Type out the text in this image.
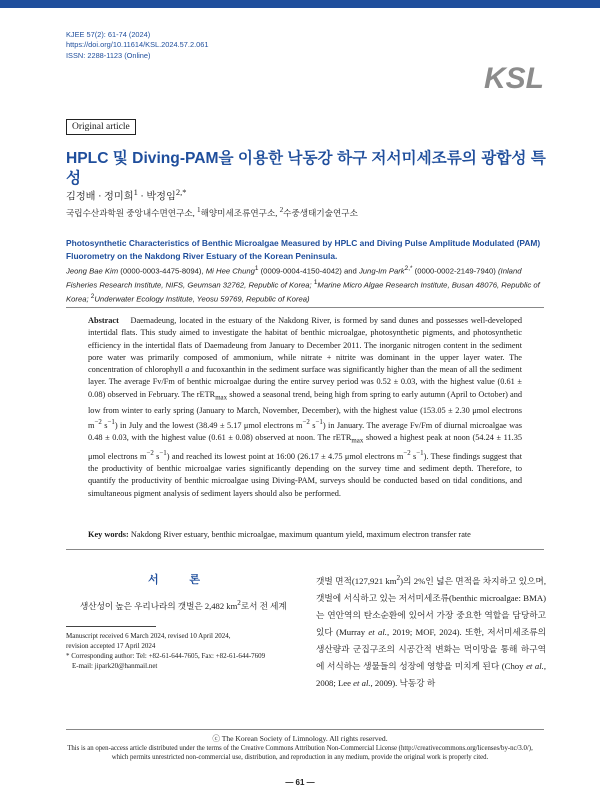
KJEE 57(2): 61-74 (2024)
https://doi.org/10.11614/KSL.2024.57.2.061
ISSN: 2288-1123 (Online)
KSL
Original article
HPLC 및 Diving-PAM을 이용한 낙동강 하구 저서미세조류의 광합성 특성
김정배 · 정미희$^1$ · 박정임$^{2,*}$
국립수산과학원 중앙내수면연구소, $^1$해양미세조류연구소, $^2$수중생태기술연구소
Photosynthetic Characteristics of Benthic Microalgae Measured by HPLC and Diving Pulse Amplitude Modulated (PAM) Fluorometry on the Nakdong River Estuary of the Korean Peninsula.
Jeong Bae Kim (0000-0003-4475-8094), Mi Hee Chung$^1$ (0009-0004-4150-4042) and Jung-Im Park$^{2,*}$ (0000-0002-2149-7940) (Inland Fisheries Research Institute, NIFS, Geumsan 32762, Republic of Korea; $^1$Marine Micro Algae Research Institute, Busan 48076, Republic of Korea; $^2$Underwater Ecology Institute, Yeosu 59769, Republic of Korea)
Abstract Daemadeung, located in the estuary of the Nakdong River, is formed by sand dunes and possesses well-developed intertidal flats. This study aimed to investigate the habitat of benthic microalgae, photosynthetic pigments, and photosynthetic efficiency in the intertidal flats of Daemadeung from January to December 2011. The inorganic nitrogen content in the sediment pore water was primarily composed of ammonium, while nitrate + nitrite was dominant in the upper layer water. The concentration of chlorophyll a and fucoxanthin in the sediment surface was significantly higher than the mean of all the sediment layer. The average Fv/Fm of benthic microalgae during the entire survey period was 0.52 ± 0.03, with the highest value (0.61 ± 0.08) observed in February. The rETR$_{max}$ showed a seasonal trend, being high from spring to early autumn (April to October) and low from winter to early spring (January to March, November, December), with the highest value (153.05 ± 2.30 μmol electrons $m^{-2}$ $s^{-1}$) in July and the lowest (38.49 ± 5.17 μmol electrons $m^{-2}$ $s^{-1}$) in January. The average Fv/Fm of diurnal microalgae was 0.48 ± 0.03, with the highest value (0.61 ± 0.08) observed at noon. The rETR$_{max}$ showed a highest peak at noon (54.24 ± 11.35 μmol electrons $m^{-2}$ $s^{-1}$) and reached its lowest point at 16:00 (26.17 ± 4.75 μmol electrons $m^{-2}$ $s^{-1}$). These findings suggest that the productivity of benthic microalgae varies significantly depending on the survey time and sediment depth. Therefore, to quantify the productivity of benthic microalgae using Diving-PAM, surveys should be conducted based on tidal conditions, and simultaneous pigment analysis of sediment layers should also be performed.
Key words: Nakdong River estuary, benthic microalgae, maximum quantum yield, maximum electron transfer rate
서 론
생산성이 높은 우리나라의 갯벌은 2,482 $km^2$로서 전 세계
Manuscript received 6 March 2024, revised 10 April 2024,
revision accepted 17 April 2024
* Corresponding author: Tel: +82-61-644-7605, Fax: +82-61-644-7609
E-mail: jipark20@hanmail.net
갯벌 면적(127,921 $km^2$)의 2%인 넓은 면적을 차지하고 있으며, 갯벌에 서식하고 있는 저서미세조류(benthic microalgae: BMA)는 연안역의 탄소순환에 있어서 가장 중요한 역할을 담당하고 있다 (Murray et al., 2019; MOF, 2024). 또한, 저서미세조류의 생산량과 군집구조의 시공간적 변화는 먹이망을 통해 하구역에 서식하는 생물들의 성장에 영향을 미치게 된다 (Choy et al., 2008; Lee et al., 2009). 낙동강 하
ⓒ The Korean Society of Limnology. All rights reserved.
This is an open-access article distributed under the terms of the Creative Commons Attribution Non-Commercial License (http://creativecommons.org/licenses/by-nc/3.0/),
which permits unrestricted non-commercial use, distribution, and reproduction in any medium, provide the original work is properly cited.
— 61 —
